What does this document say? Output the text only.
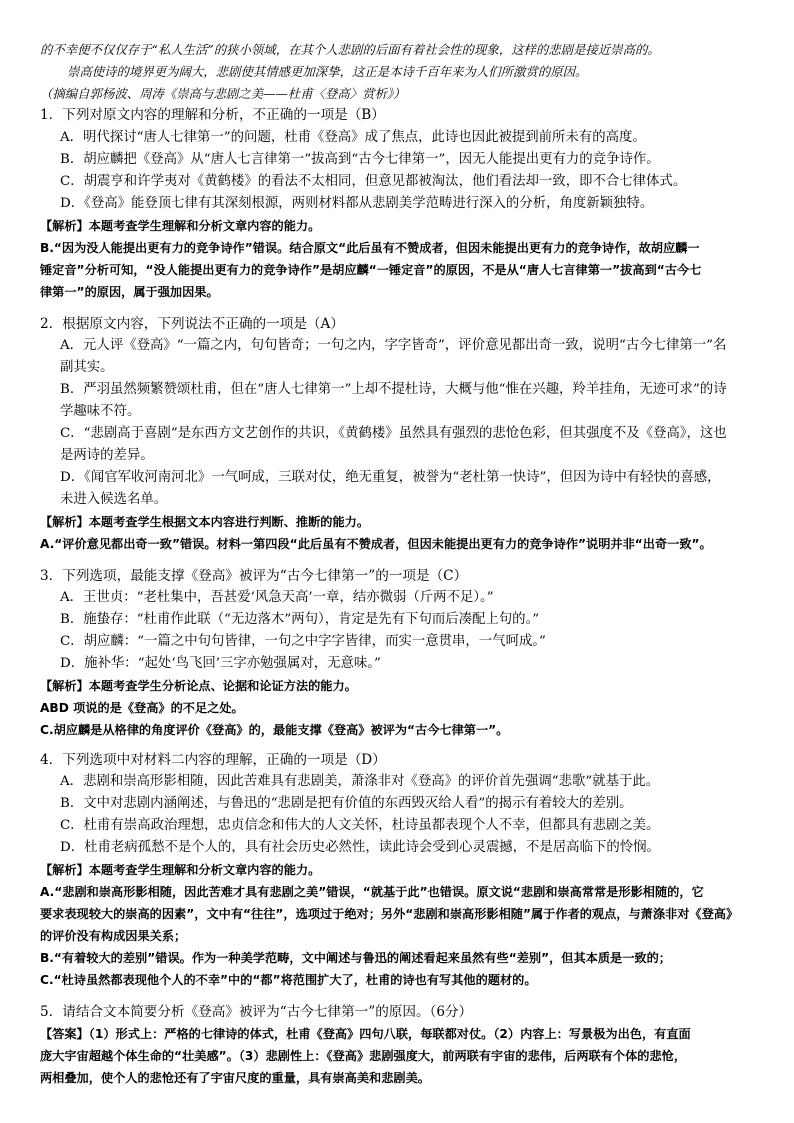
的不幸便不仅仅存于“私人生活”的狭小领域，在其个人悲剧的后面有着社会性的现象，这样的悲剧是接近崇高的。
崇高使诗的境界更为阔大，悲剧使其情感更加深挚，这正是本诗千百年来为人们所激赏的原因。
（摘编自郭杨波、周涛《崇高与悲剧之美——杜甫〈登高〉赏析》）
1．下列对原文内容的理解和分析，不正确的一项是（B）
A．明代探讨“唐人七律第一”的问题，杜甫《登高》成了焦点，此诗也因此被提到前所未有的高度。
B．胡应麟把《登高》从“唐人七言律第一”拔高到“古今七律第一”，因无人能提出更有力的竞争诗作。
C．胡震亨和许学夷对《黄鹤楼》的看法不太相同，但意见都被淘汰，他们看法却一致，即不合七律体式。
D．《登高》能登顶七律有其深刻根源，两则材料都从悲剧美学范畴进行深入的分析，角度新颖独特。
【解析】本题考查学生理解和分析文章内容的能力。
B.“因为没人能提出更有力的竞争诗作”错误。结合原文“此后虽有不赞成者，但因未能提出更有力的竞争诗作，故胡应麟一
锤定音”分析可知，“没人能提出更有力的竞争诗作”是胡应麟“一锤定音”的原因，不是从“唐人七言律第一”拔高到“古今七
律第一”的原因，属于强加因果。
2．根据原文内容，下列说法不正确的一项是（A）
A．元人评《登高》“一篇之内，句句皆奇；一句之内，字字皆奇”，评价意见都出奇一致，说明“古今七律第一”名
副其实。
B．严羽虽然频繁赞颂杜甫，但在“唐人七律第一”上却不提杜诗，大概与他“惟在兴趣，羚羊挂角，无迹可求”的诗
学趣味不符。
C．“悲剧高于喜剧”是东西方文艺创作的共识，《黄鹤楼》虽然具有强烈的悲怆色彩，但其强度不及《登高》，这也
是两诗的差异。
D．《闻官军收河南河北》一气呵成，三联对仗，绝无重复，被誉为“老杜第一快诗”，但因为诗中有轻快的喜感，
未进入候选名单。
【解析】本题考查学生根据文本内容进行判断、推断的能力。
A.“评价意见都出奇一致”错误。材料一第四段“此后虽有不赞成者，但因未能提出更有力的竞争诗作”说明并非“出奇一致”。
3．下列选项，最能支撑《登高》被评为“古今七律第一”的一项是（C）
A．王世贞：“老杜集中，吾甚爱‘风急天高’一章，结亦微弱（斤两不足）。”
B．施蛰存：“杜甫作此联（“无边落木”两句），肯定是先有下句而后凑配上句的。”
C．胡应麟：“一篇之中句句皆律，一句之中字字皆律，而实一意贯串，一气呵成。”
D．施补华：“起处‘鸟飞回’三字亦勉强属对，无意味。”
【解析】本题考查学生分析论点、论据和论证方法的能力。
ABD 项说的是《登高》的不足之处。
C.胡应麟是从格律的角度评价《登高》的，最能支撑《登高》被评为“古今七律第一”。
4．下列选项中对材料二内容的理解，正确的一项是（D）
A．悲剧和崇高形影相随，因此苦难具有悲剧美，萧涤非对《登高》的评价首先强调“悲歌”就基于此。
B．文中对悲剧内涵阐述，与鲁迅的“悲剧是把有价值的东西毁灭给人看”的揭示有着较大的差别。
C．杜甫有崇高政治理想，忠贞信念和伟大的人文关怀，杜诗虽都表现个人不幸，但都具有悲剧之美。
D．杜甫老病孤愁不是个人的，具有社会历史必然性，读此诗会受到心灵震撼，不是居高临下的怜悯。
【解析】本题考查学生理解和分析文章内容的能力。
A.“悲剧和崇高形影相随，因此苦难才具有悲剧之美”错误，“就基于此”也错误。原文说“悲剧和崇高常常是形影相随的，它
要求表现较大的崇高的因素”，文中有“往往”，选项过于绝对；另外“悲剧和崇高形影相随”属于作者的观点，与萧涤非对《登高》
的评价没有构成因果关系；
B.“有着较大的差别”错误。作为一种美学范畴，文中阐述与鲁迅的阐述看起来虽然有些“差别”，但其本质是一致的；
C.“杜诗虽然都表现他个人的不幸”中的“都”将范围扩大了，杜甫的诗也有写其他的题材的。
5．请结合文本简要分析《登高》被评为“古今七律第一”的原因。（6分）
【答案】（1）形式上：严格的七律诗的体式，杜甫《登高》四句八联，每联都对仗。（2）内容上：写景极为出色，有直面
庞大宇宙超越个体生命的“壮美感”。（3）悲剧性上：《登高》悲剧强度大，前两联有宇宙的悲伟，后两联有个体的悲怆，
两相叠加，使个人的悲怆还有了宇宙尺度的重量，具有崇高美和悲剧美。
